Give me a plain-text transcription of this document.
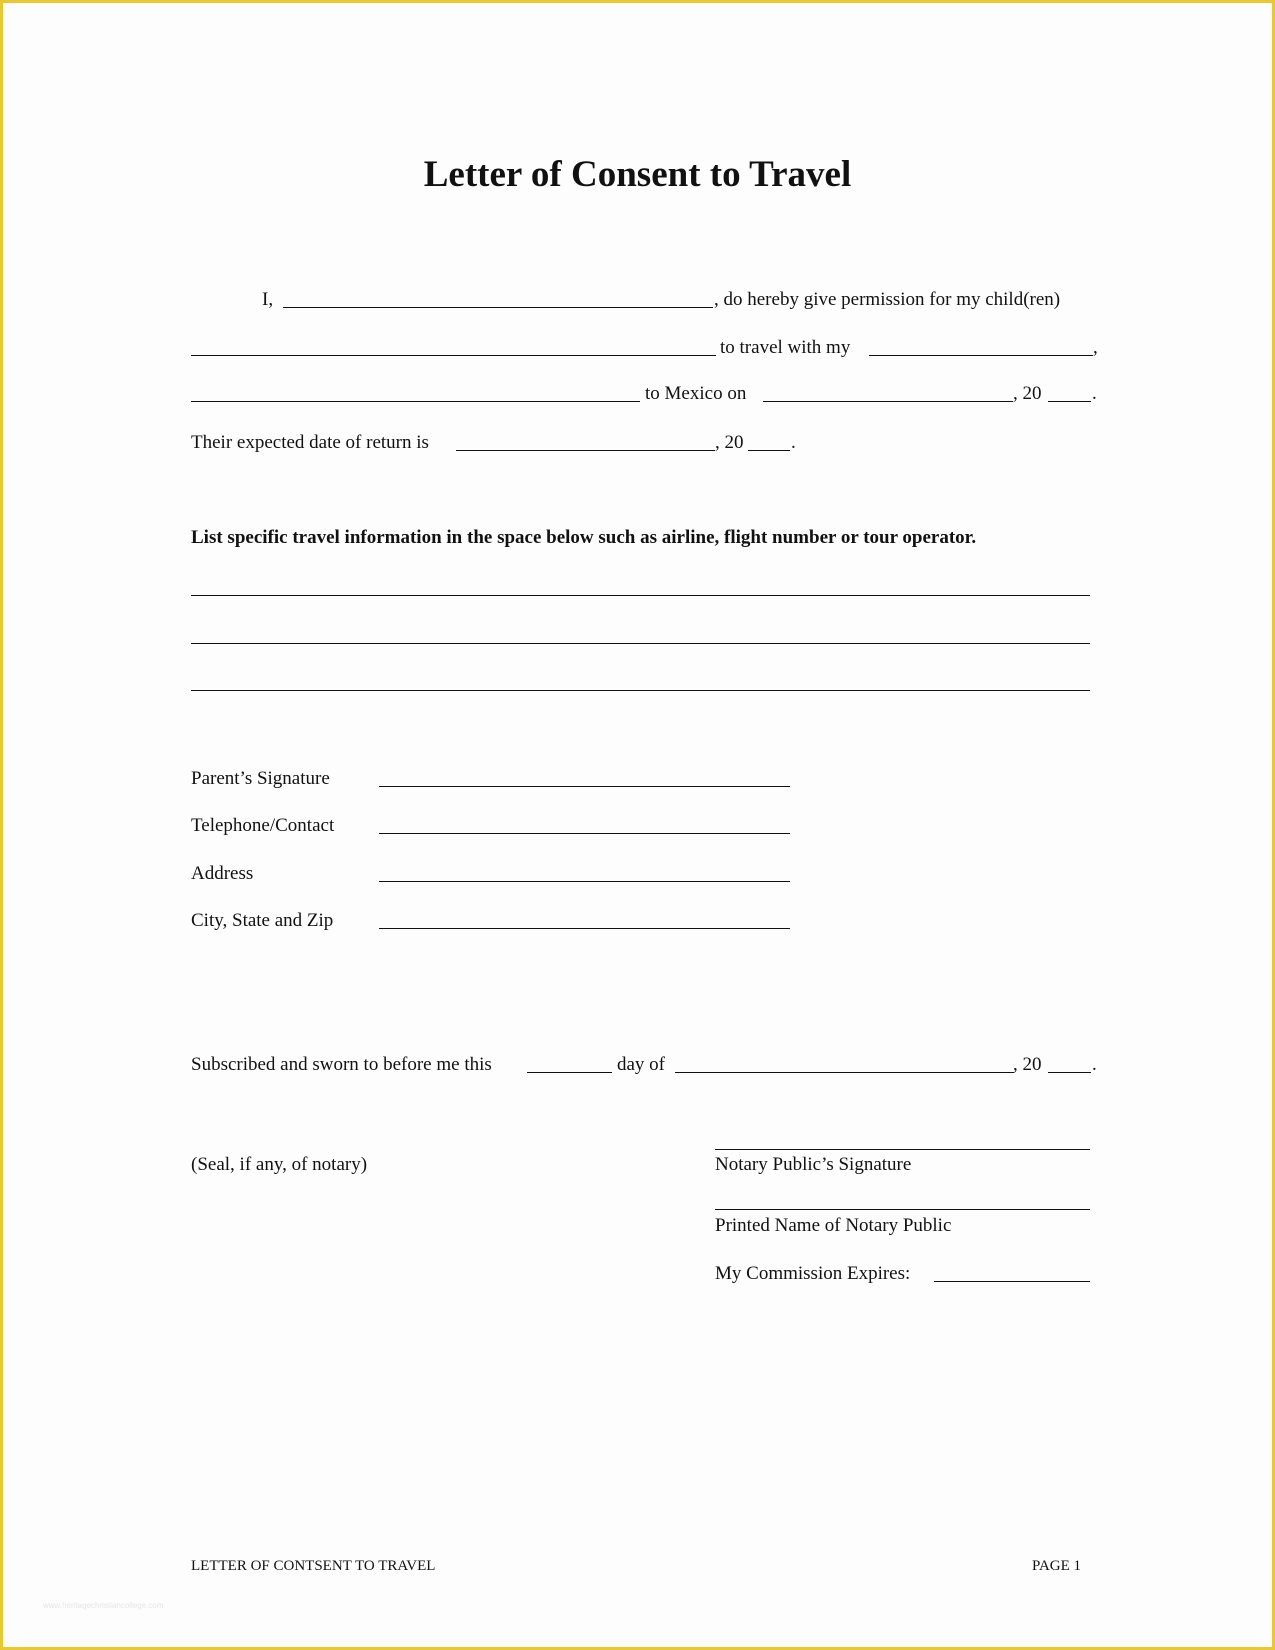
Letter of Consent to Travel
I,	, do hereby give permission for my child(ren)
to travel with my	,
to Mexico on	, 20	.
Their expected date of return is	, 20	.
List specific travel information in the space below such as airline, flight number or tour operator.
Parent’s Signature
Telephone/Contact
Address
City, State and Zip
Subscribed and sworn to before me this	day of	, 20	.
(Seal, if any, of notary)	Notary Public’s Signature
Printed Name of Notary Public
My Commission Expires:
LETTER OF CONTSENT TO TRAVEL	PAGE 1
www.heritagechristiancollege.com
